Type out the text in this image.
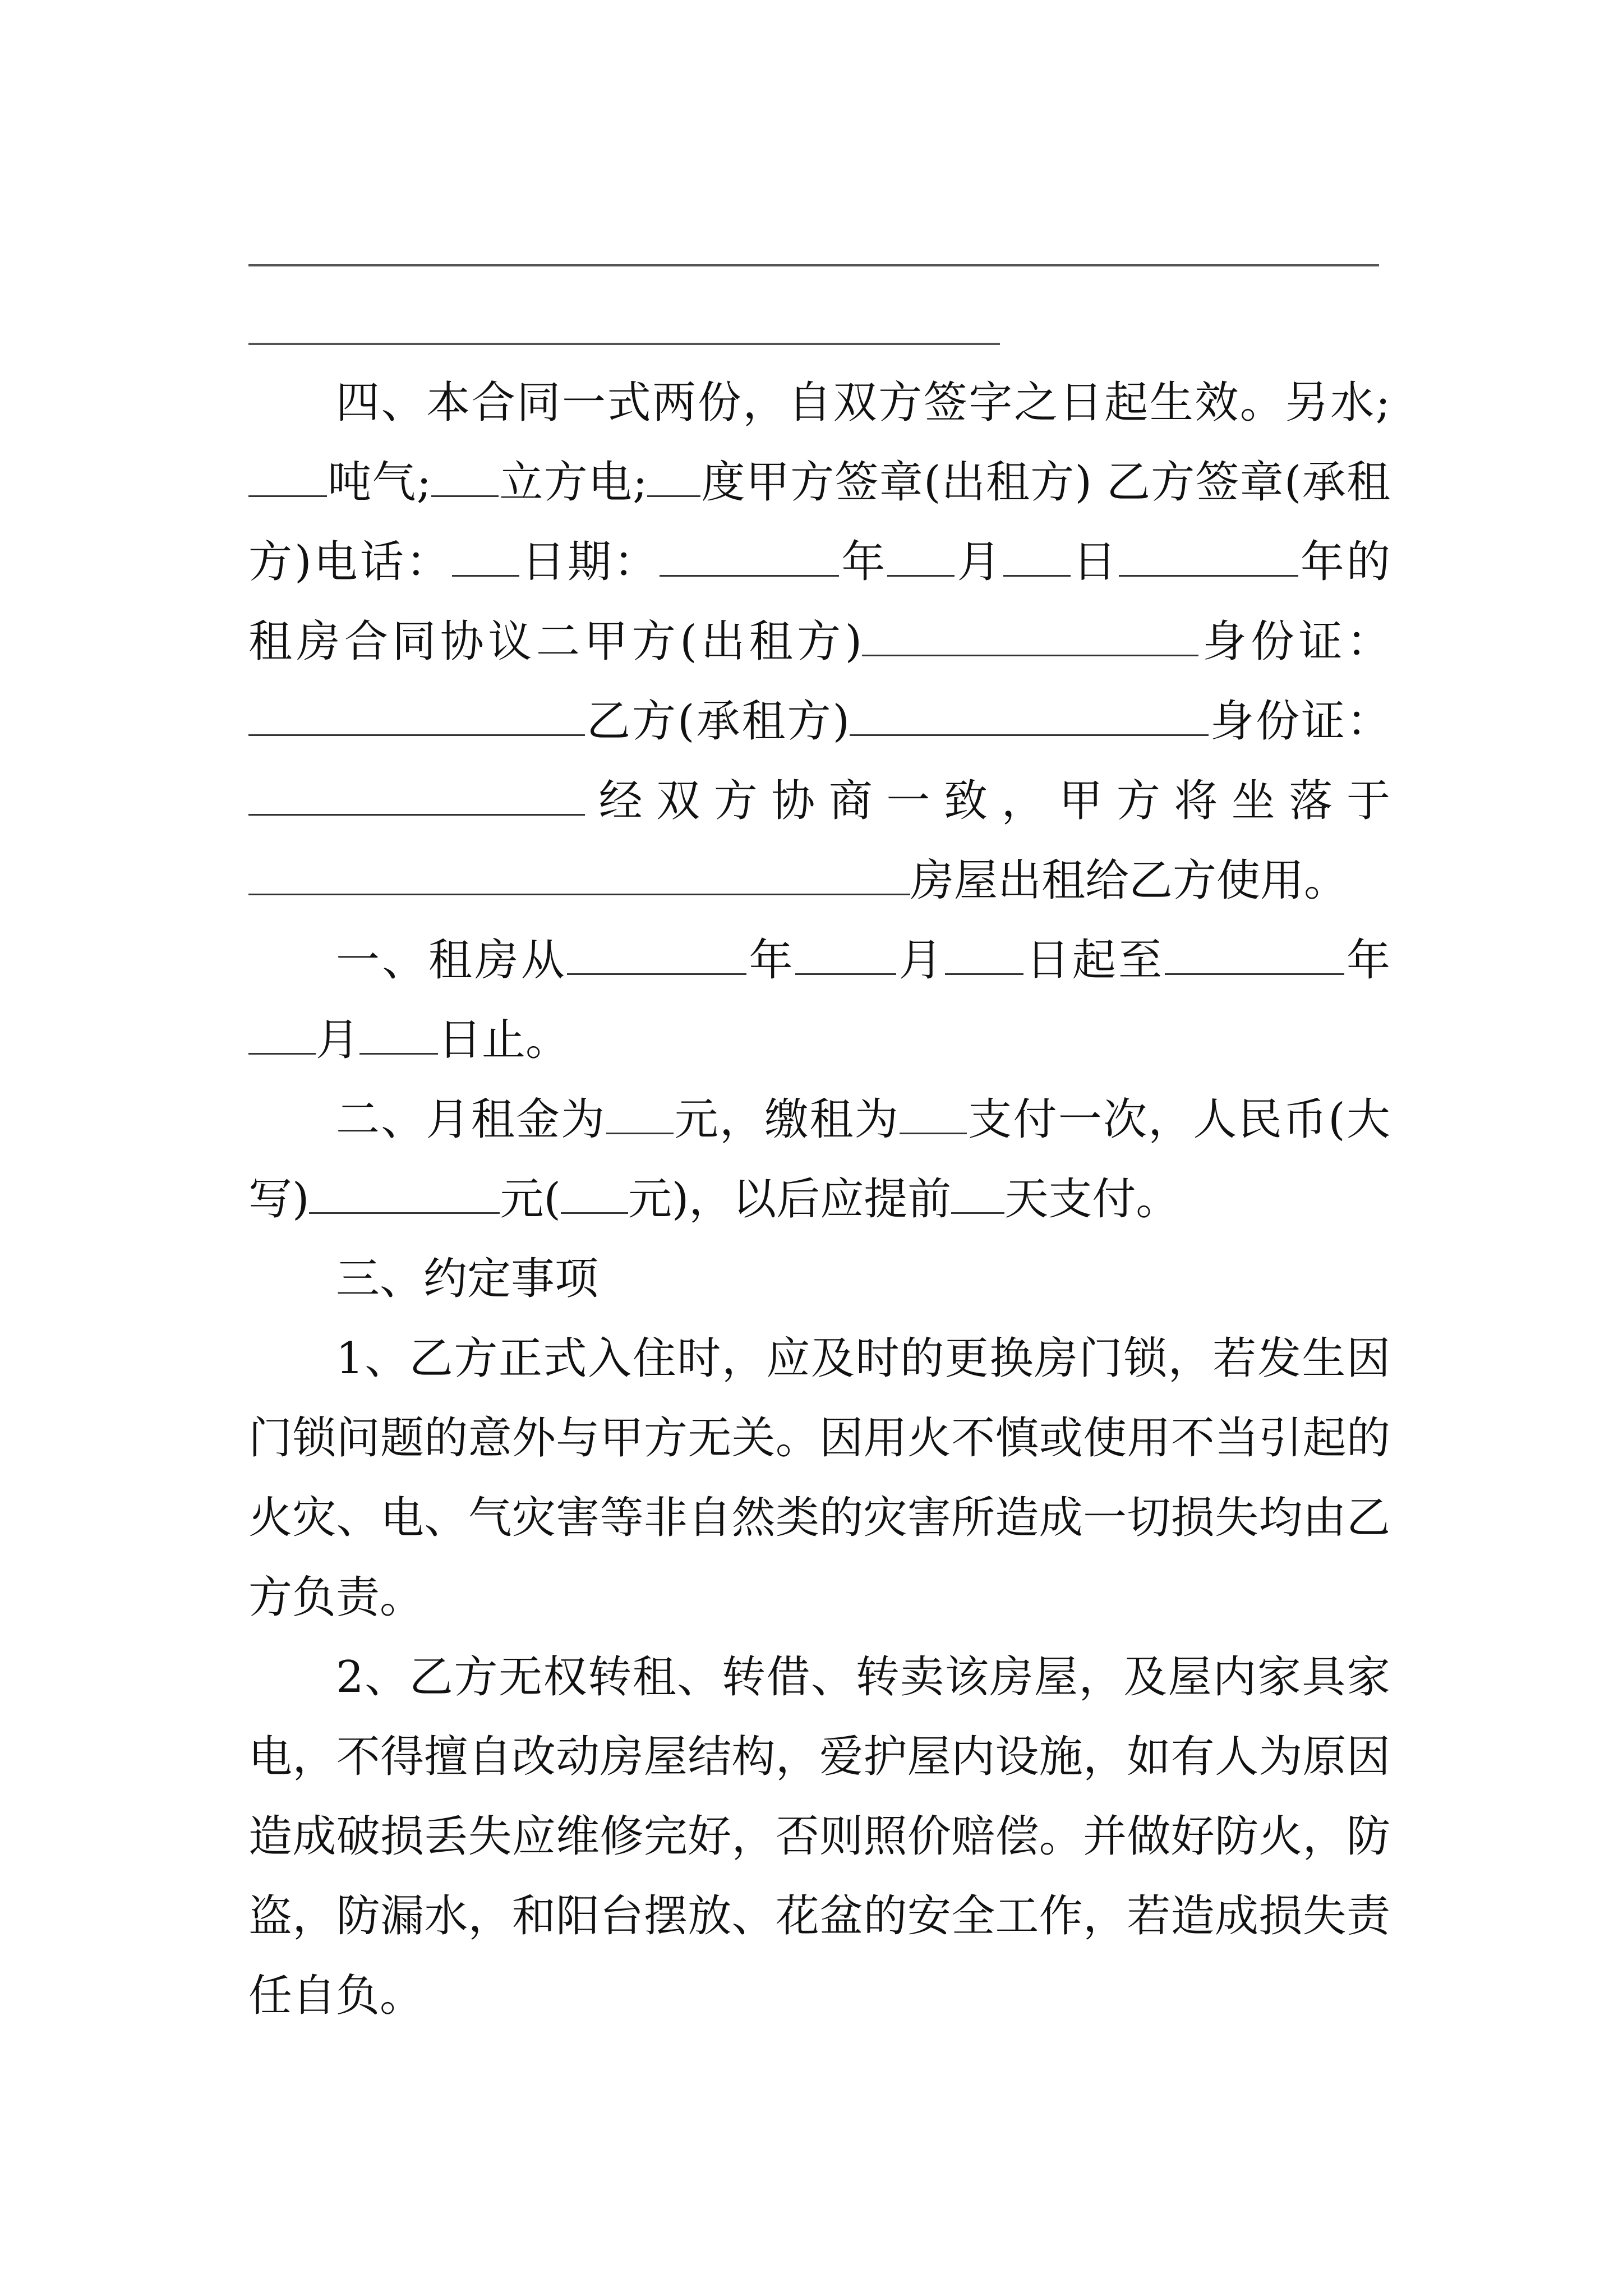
四、本合同一式两份，自双方签字之日起生效。另水;吨气; 立方电; 度甲方签章(出租方) 乙方签章(承租方)电话： 日期：	年 月 日	年的租房合同协议二甲方(出租方)	身份证：乙方(承租方)	身份证：经双方协商一致，甲方将坐落于房屋出租给乙方使用。

一、租房从	年 月 日起至	年月 日止。

二、月租金为 元，缴租为 支付一次，人民币(大写)	元( 元)，以后应提前 天支付。

三、约定事项

1、乙方正式入住时，应及时的更换房门锁，若发生因门锁问题的意外与甲方无关。因用火不慎或使用不当引起的火灾、电、气灾害等非自然类的灾害所造成一切损失均由乙方负责。

2、乙方无权转租、转借、转卖该房屋，及屋内家具家电，不得擅自改动房屋结构，爱护屋内设施，如有人为原因造成破损丢失应维修完好，否则照价赔偿。并做好防火，防盗，防漏水，和阳台摆放、花盆的安全工作，若造成损失责任自负。
